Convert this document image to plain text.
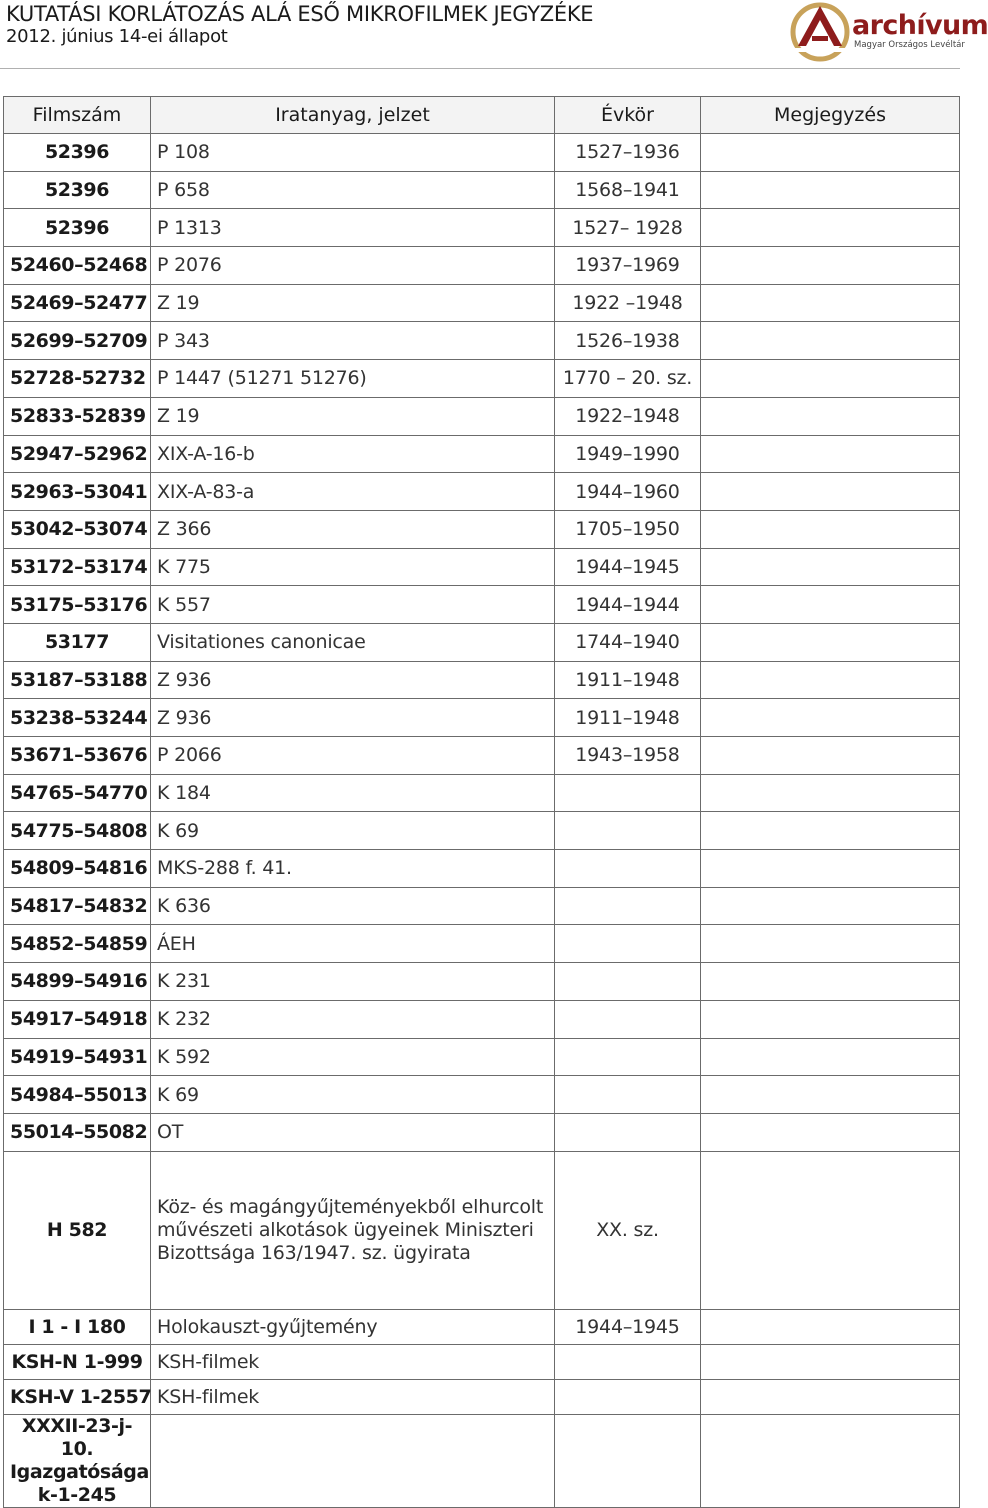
KUTATÁSI KORLÁTOZÁS ALÁ ESŐ MIKROFILMEK JEGYZÉKE
2012. június 14-ei állapot	archívum
Magyar Országos Levéltár
Filmszám	Iratanyag, jelzet	Évkör	Megjegyzés
52396	P 108	1527–1936	
52396	P 658	1568–1941	
52396	P 1313	1527– 1928	
52460–52468	P 2076	1937–1969	
52469–52477	Z 19	1922 –1948	
52699–52709	P 343	1526–1938	
52728-52732	P 1447 (51271 51276)	1770 – 20. sz.	
52833-52839	Z 19	1922–1948	
52947–52962	XIX-A-16-b	1949–1990	
52963–53041	XIX-A-83-a	1944–1960	
53042–53074	Z 366	1705–1950	
53172–53174	K 775	1944–1945	
53175–53176	K 557	1944–1944	
53177	Visitationes canonicae	1744–1940	
53187–53188	Z 936	1911–1948	
53238–53244	Z 936	1911–1948	
53671–53676	P 2066	1943–1958	
54765–54770	K 184		
54775–54808	K 69		
54809–54816	MKS-288 f. 41.		
54817–54832	K 636		
54852–54859	ÁEH		
54899–54916	K 231		
54917–54918	K 232		
54919–54931	K 592		
54984–55013	K 69		
55014–55082	OT		
H 582	Köz- és magángyűjteményekből elhurcolt művészeti alkotások ügyeinek Miniszteri Bizottsága 163/1947. sz. ügyirata	XX. sz.	
I 1 - I 180	Holokauszt-gyűjtemény	1944–1945	
KSH-N 1-999	KSH-filmek		
KSH-V 1-2557	KSH-filmek		
XXXII-23-j-10. Igazgatósága k-1-245			
